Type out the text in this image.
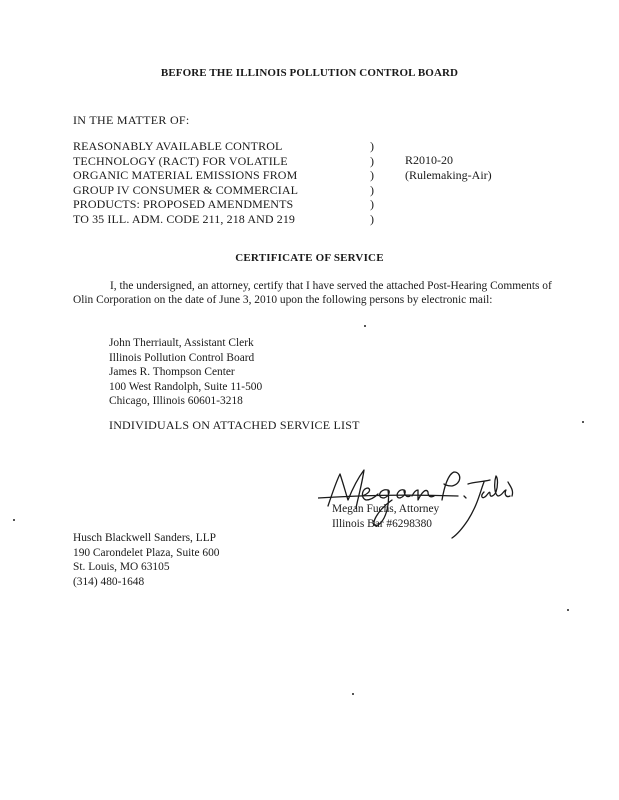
BEFORE THE ILLINOIS POLLUTION CONTROL BOARD
IN THE MATTER OF:
REASONABLY AVAILABLE CONTROL
TECHNOLOGY (RACT) FOR VOLATILE
ORGANIC MATERIAL EMISSIONS FROM
GROUP IV CONSUMER & COMMERCIAL
PRODUCTS: PROPOSED AMENDMENTS
TO 35 ILL. ADM. CODE 211, 218 AND 219
)
)
)
)
)
)
R2010-20
(Rulemaking-Air)
CERTIFICATE OF SERVICE
I, the undersigned, an attorney, certify that I have served the attached Post-Hearing Comments of Olin Corporation on the date of June 3, 2010 upon the following persons by electronic mail:
John Therriault, Assistant Clerk
Illinois Pollution Control Board
James R. Thompson Center
100 West Randolph, Suite 11-500
Chicago, Illinois 60601-3218
INDIVIDUALS ON ATTACHED SERVICE LIST
Megan Fuchs, Attorney
Illinois Bar #6298380
Husch Blackwell Sanders, LLP
190 Carondelet Plaza, Suite 600
St. Louis, MO 63105
(314) 480-1648
